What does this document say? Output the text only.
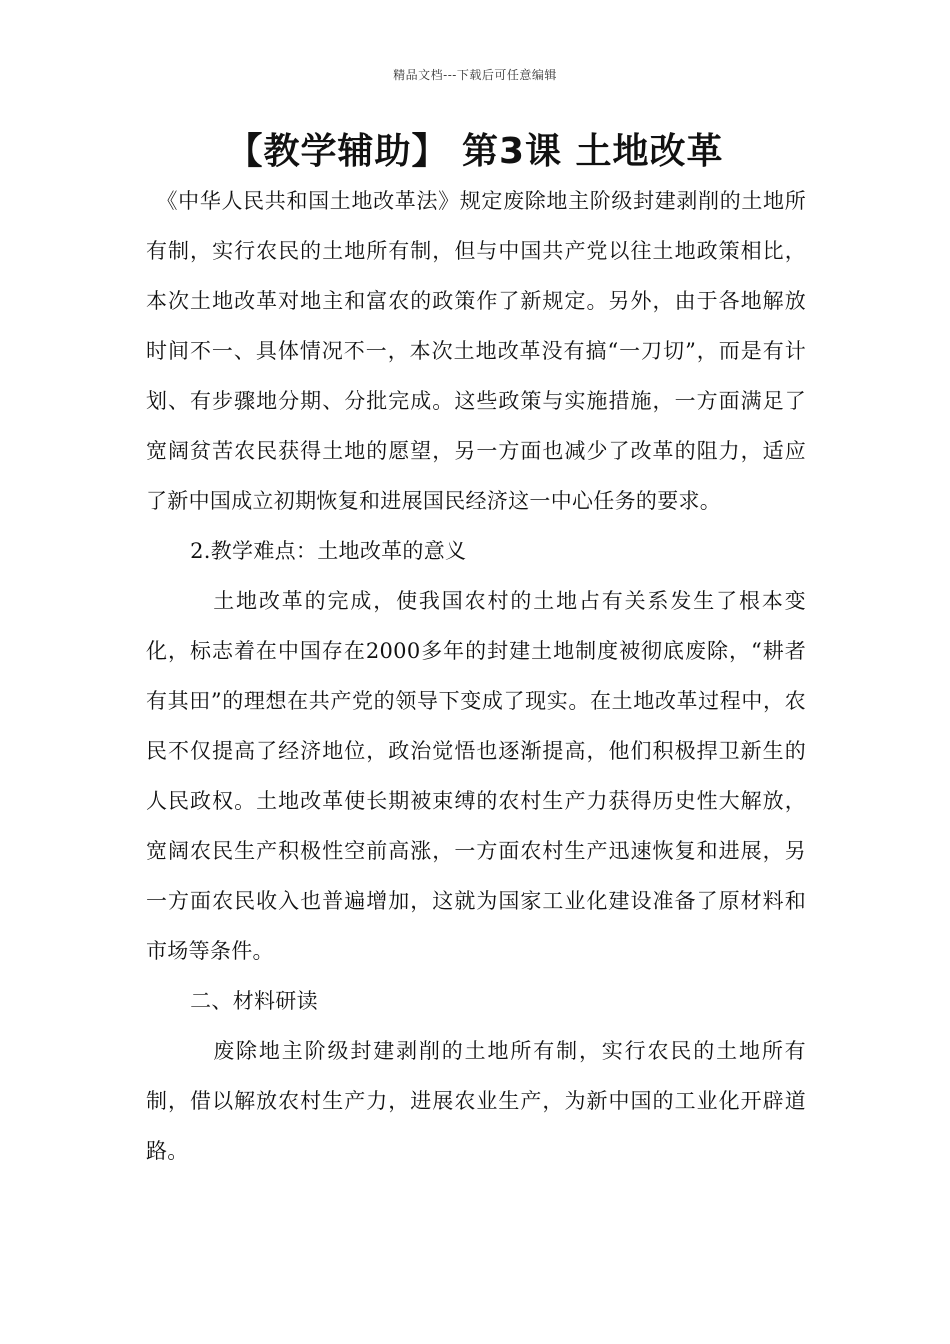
精品文档---下载后可任意编辑
【教学辅助】 第3课 土地改革

《中华人民共和国土地改革法》规定废除地主阶级封建剥削的土地所有制，实行农民的土地所有制，但与中国共产党以往土地政策相比，本次土地改革对地主和富农的政策作了新规定。另外，由于各地解放时间不一、具体情况不一，本次土地改革没有搞“一刀切”，而是有计划、有步骤地分期、分批完成。这些政策与实施措施，一方面满足了宽阔贫苦农民获得土地的愿望，另一方面也减少了改革的阻力，适应了新中国成立初期恢复和进展国民经济这一中心任务的要求。

2.教学难点：土地改革的意义

土地改革的完成，使我国农村的土地占有关系发生了根本变化，标志着在中国存在2000多年的封建土地制度被彻底废除，“耕者有其田”的理想在共产党的领导下变成了现实。在土地改革过程中，农民不仅提高了经济地位，政治觉悟也逐渐提高，他们积极捍卫新生的人民政权。土地改革使长期被束缚的农村生产力获得历史性大解放，宽阔农民生产积极性空前高涨，一方面农村生产迅速恢复和进展，另一方面农民收入也普遍增加，这就为国家工业化建设准备了原材料和市场等条件。

二、材料研读

废除地主阶级封建剥削的土地所有制，实行农民的土地所有制，借以解放农村生产力，进展农业生产，为新中国的工业化开辟道路。
